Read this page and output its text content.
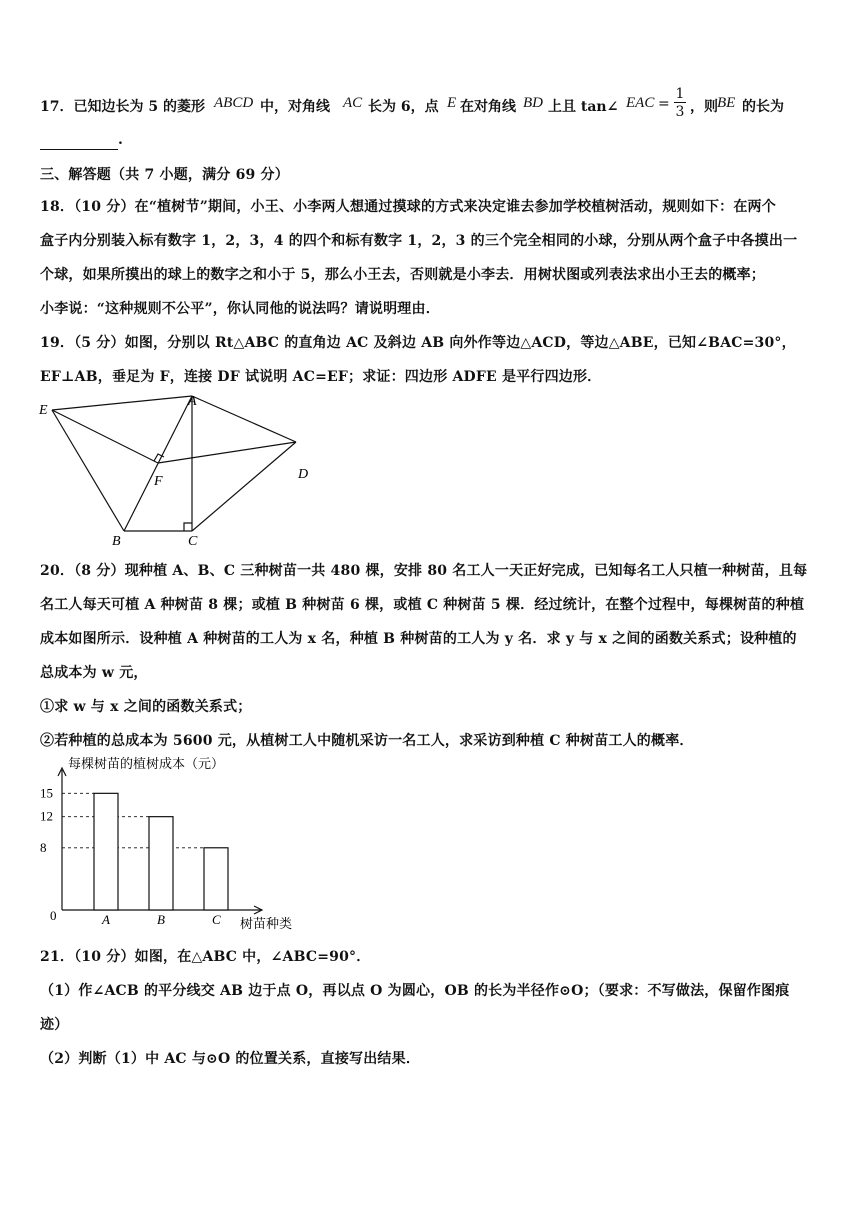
17．已知边长为 5 的菱形 ABCD 中，对角线 AC 长为 6，点 E 在对角线 BD 上且 tan∠ EAC =
1
3 ，则 BE 的长为
.
三、解答题（共 7 小题，满分 69 分）
18．（10 分）在“植树节”期间，小王、小李两人想通过摸球的方式来决定谁去参加学校植树活动，规则如下：在两个
盒子内分别装入标有数字 1，2，3，4 的四个和标有数字 1，2，3 的三个完全相同的小球，分别从两个盒子中各摸出一
个球，如果所摸出的球上的数字之和小于 5，那么小王去，否则就是小李去．用树状图或列表法求出小王去的概率；
小李说：“这种规则不公平”，你认同他的说法吗？请说明理由．
19．（5 分）如图，分别以 Rt△ABC 的直角边 AC 及斜边 AB 向外作等边△ACD，等边△ABE，已知∠BAC=30°，
EF⊥AB，垂足为 F，连接 DF 试说明 AC=EF；求证：四边形 ADFE 是平行四边形．
E
A
D
F
B	C
20．（8 分）现种植 A、B、C 三种树苗一共 480 棵，安排 80 名工人一天正好完成，已知每名工人只植一种树苗，且每
名工人每天可植 A 种树苗 8 棵；或植 B 种树苗 6 棵，或植 C 种树苗 5 棵．经过统计，在整个过程中，每棵树苗的种植
成本如图所示．设种植 A 种树苗的工人为 x 名，种植 B 种树苗的工人为 y 名．求 y 与 x 之间的函数关系式；设种植的
总成本为 w 元，
①求 w 与 x 之间的函数关系式；
②若种植的总成本为 5600 元，从植树工人中随机采访一名工人，求采访到种植 C 种树苗工人的概率．
每棵树苗的植树成本（元）
0
树苗种类
15
12
8
A	B	C
21．（10 分）如图，在△ABC 中，∠ABC=90°．
（1）作∠ACB 的平分线交 AB 边于点 O，再以点 O 为圆心，OB 的长为半径作⊙O；（要求：不写做法，保留作图痕
迹）
（2）判断（1）中 AC 与⊙O 的位置关系，直接写出结果．
